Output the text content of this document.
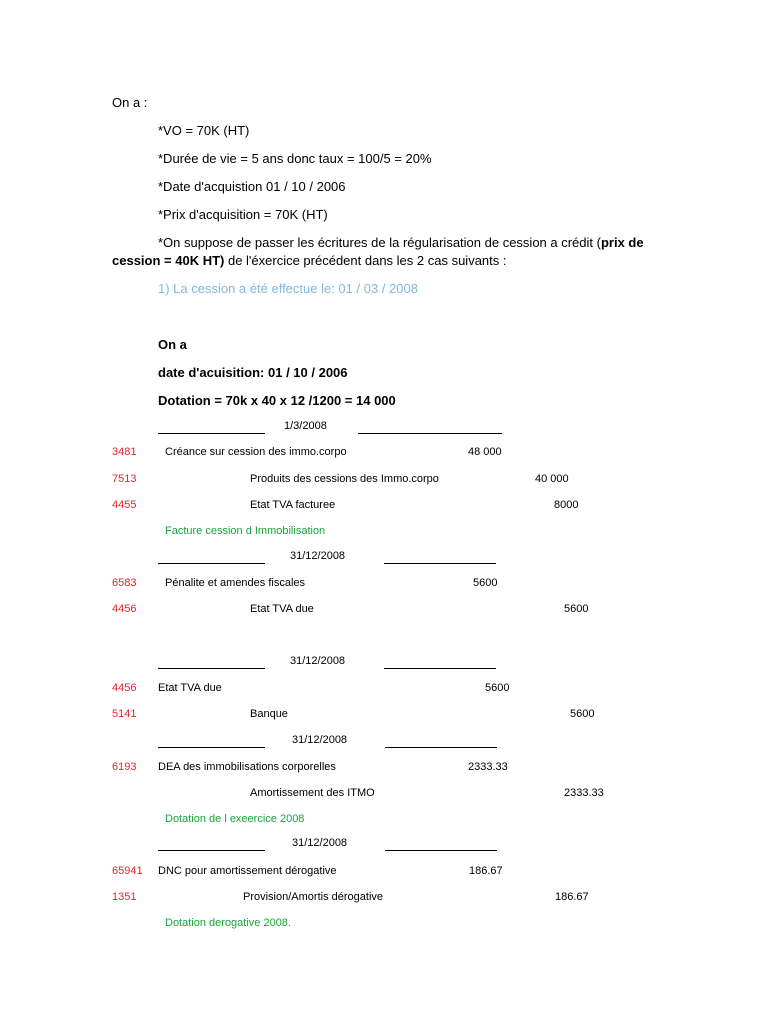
On a :
*VO = 70K (HT)
*Durée de vie = 5 ans donc taux = 100/5 = 20%
*Date d'acquistion 01 / 10 / 2006
*Prix d'acquisition = 70K (HT)
*On suppose de passer les écritures de la régularisation de cession a crédit (prix de
cession = 40K HT) de l'éxercice précédent dans les 2 cas suivants :
1) La cession a été effectue le: 01 / 03 / 2008
On a
date d'acuisition: 01 / 10 / 2006
Dotation = 70k x 40 x 12 /1200 = 14 000
1/3/2008
3481	Créance sur cession des immo.corpo	48 000
7513	Produits des cessions des Immo.corpo	40 000
4455	Etat TVA facturee	8000
Facture cession d Immobilisation
31/12/2008
6583	Pénalite et amendes fiscales	5600
4456	Etat TVA due	5600
31/12/2008
4456 Etat TVA due	5600
5141	Banque	5600
31/12/2008
6193 DEA des immobilisations corporelles	2333.33
Amortissement des ITMO	2333.33
Dotation de l exeercice 2008
31/12/2008
65941 DNC pour amortissement dérogative	186.67
1351	Provision/Amortis dérogative	186.67
Dotation derogative 2008.
